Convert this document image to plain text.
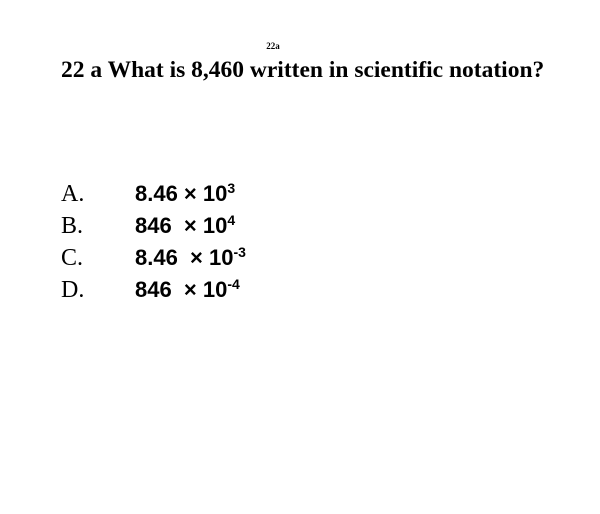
22a
22 a What is 8,460 written in scientific notation?
A.	$8.46 \times 10^3$
B.	$846 \times 10^4$
C.	$8.46 \times 10^{-3}$
D.	$846 \times 10^{-4}$
